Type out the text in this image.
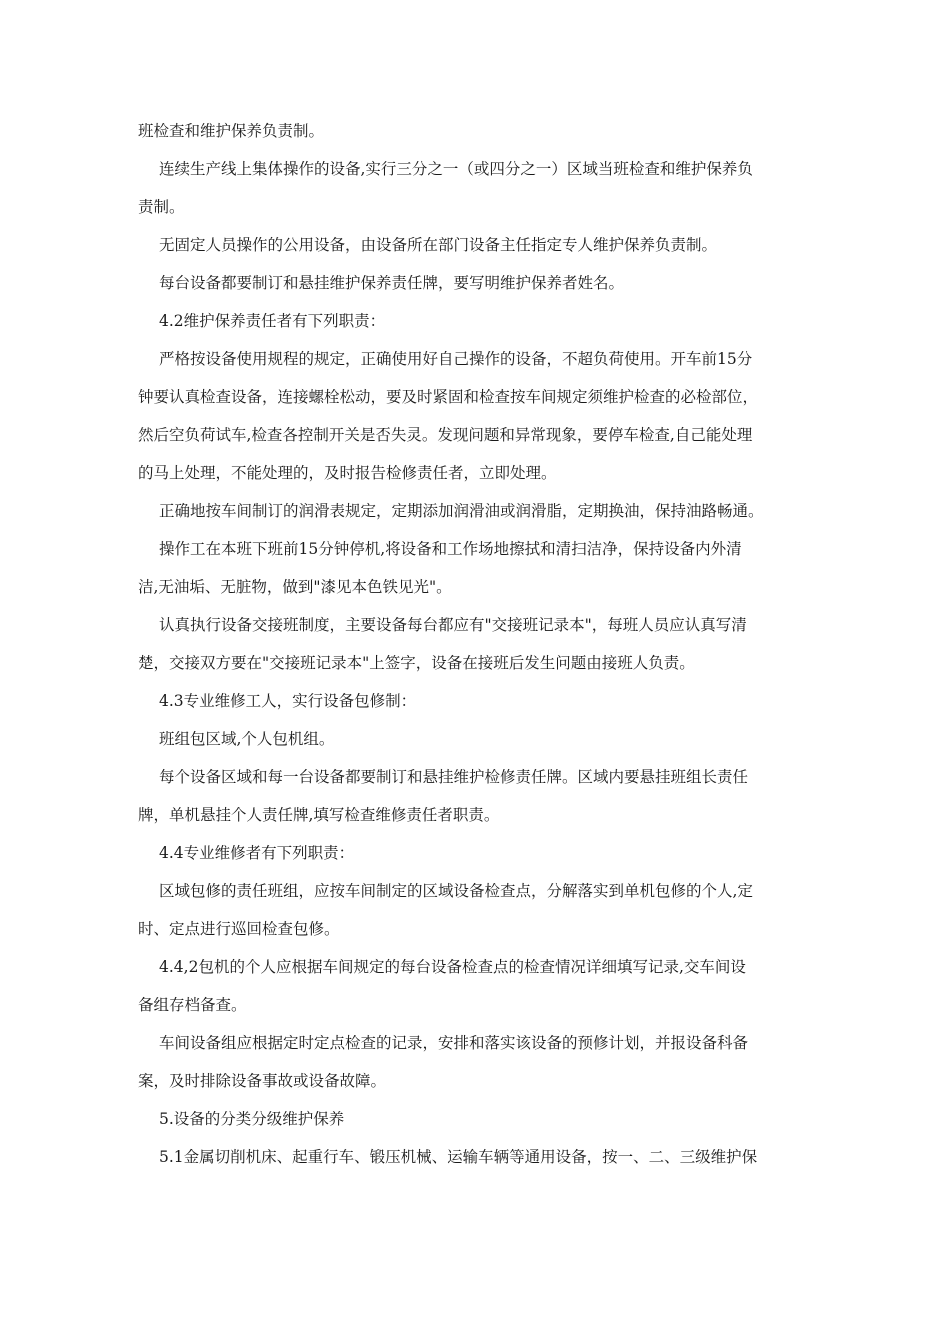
班检查和维护保养负责制。
连续生产线上集体操作的设备,实行三分之一（或四分之一）区域当班检查和维护保养负
责制。
无固定人员操作的公用设备，由设备所在部门设备主任指定专人维护保养负责制。
每台设备都要制订和悬挂维护保养责任牌，要写明维护保养者姓名。
4.2维护保养责任者有下列职责：
严格按设备使用规程的规定，正确使用好自己操作的设备，不超负荷使用。开车前15分
钟要认真检查设备，连接螺栓松动，要及时紧固和检查按车间规定须维护检查的必检部位，
然后空负荷试车,检查各控制开关是否失灵。发现问题和异常现象，要停车检查,自己能处理
的马上处理，不能处理的，及时报告检修责任者，立即处理。
正确地按车间制订的润滑表规定，定期添加润滑油或润滑脂，定期换油，保持油路畅通。
操作工在本班下班前15分钟停机,将设备和工作场地擦拭和清扫洁净，保持设备内外清
洁,无油垢、无脏物，做到"漆见本色铁见光"。
认真执行设备交接班制度，主要设备每台都应有"交接班记录本"，每班人员应认真写清
楚，交接双方要在"交接班记录本"上签字，设备在接班后发生问题由接班人负责。
4.3专业维修工人，实行设备包修制：
班组包区域,个人包机组。
每个设备区域和每一台设备都要制订和悬挂维护检修责任牌。区域内要悬挂班组长责任
牌，单机悬挂个人责任牌,填写检查维修责任者职责。
4.4专业维修者有下列职责：
区域包修的责任班组，应按车间制定的区域设备检查点，分解落实到单机包修的个人,定
时、定点进行巡回检查包修。
4.4,2包机的个人应根据车间规定的每台设备检查点的检查情况详细填写记录,交车间设
备组存档备查。
车间设备组应根据定时定点检查的记录，安排和落实该设备的预修计划，并报设备科备
案，及时排除设备事故或设备故障。
5.设备的分类分级维护保养
5.1金属切削机床、起重行车、锻压机械、运输车辆等通用设备，按一、二、三级维护保
